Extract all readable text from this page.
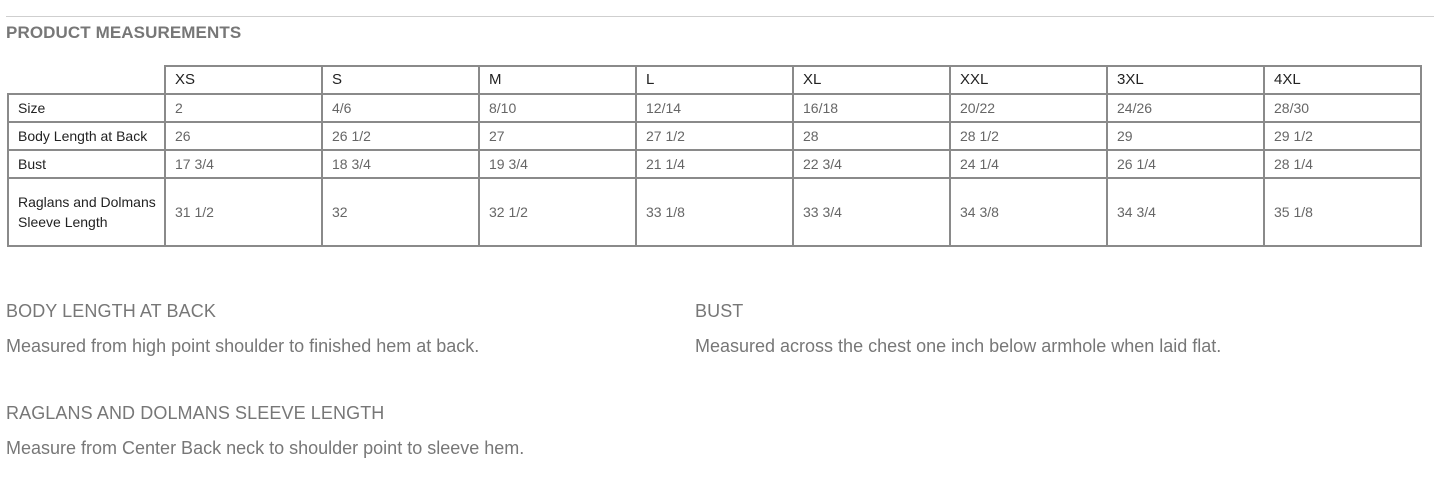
PRODUCT MEASUREMENTS
	XS	S	M	L	XL	XXL	3XL	4XL
Size	2	4/6	8/10	12/14	16/18	20/22	24/26	28/30
Body Length at Back	26	26 1/2	27	27 1/2	28	28 1/2	29	29 1/2
Bust	17 3/4	18 3/4	19 3/4	21 1/4	22 3/4	24 1/4	26 1/4	28 1/4
Raglans and Dolmans Sleeve Length	31 1/2	32	32 1/2	33 1/8	33 3/4	34 3/8	34 3/4	35 1/8
BODY LENGTH AT BACK
Measured from high point shoulder to finished hem at back.
BUST
Measured across the chest one inch below armhole when laid flat.
RAGLANS AND DOLMANS SLEEVE LENGTH
Measure from Center Back neck to shoulder point to sleeve hem.
